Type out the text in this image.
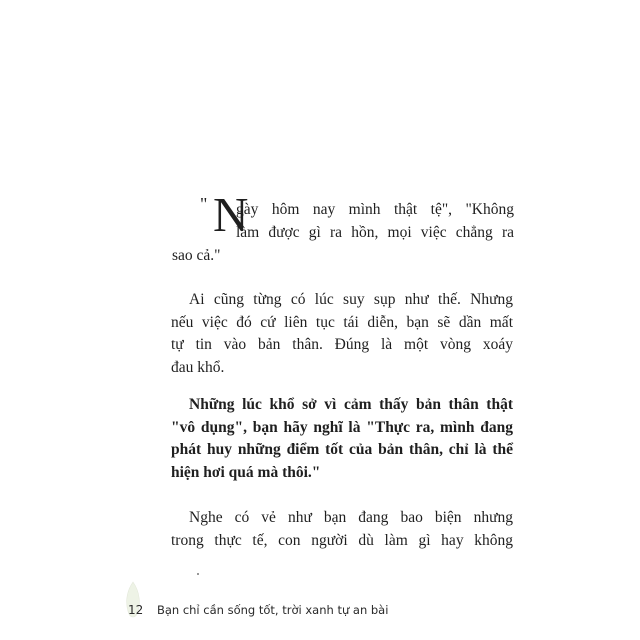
" N
gày hôm nay mình thật tệ", "Không
làm được gì ra hồn, mọi việc chẳng ra
sao cả."
Ai cũng từng có lúc suy sụp như thế. Nhưng
nếu việc đó cứ liên tục tái diễn, bạn sẽ dần mất
tự tin vào bản thân. Đúng là một vòng xoáy
đau khổ.
Những lúc khổ sở vì cảm thấy bản thân thật
"vô dụng", bạn hãy nghĩ là "Thực ra, mình đang
phát huy những điểm tốt của bản thân, chỉ là thể
hiện hơi quá mà thôi."
Nghe có vẻ như bạn đang bao biện nhưng
trong thực tế, con người dù làm gì hay không
12 Bạn chỉ cần sống tốt, trời xanh tự an bài
